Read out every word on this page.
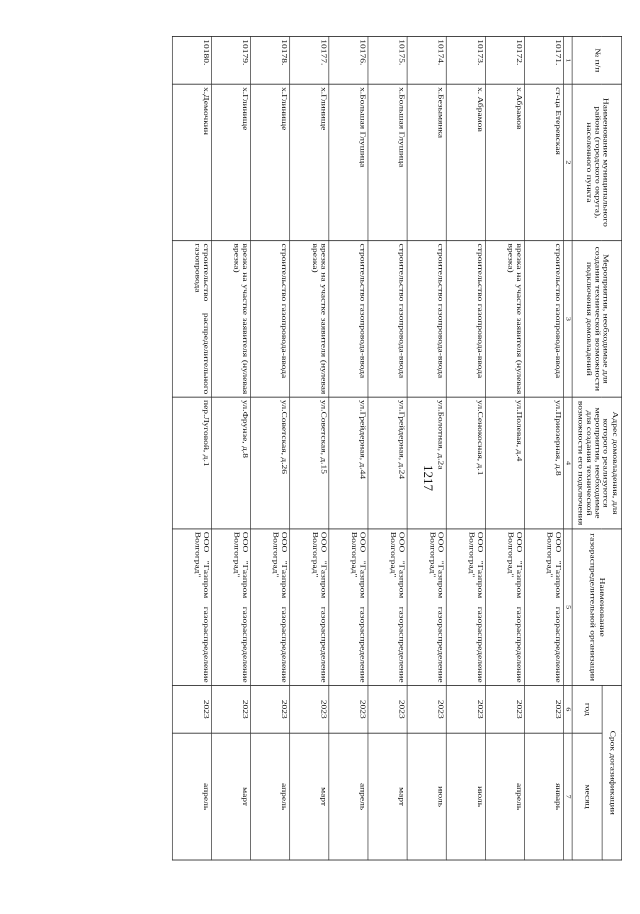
1217
№ п/п	Наименование муниципального района (городского округа), населенного пункта	Мероприятия, необходимые для создания технической возможности подключения домовладений	Адрес домовладения, для которого реализуются мероприятия, необходимые для создания технической возможности его подключения	Наименование газораспределительной организации	Срок догазификации	
					год	месяц
1	2	3	4	5	6	7
10171.	ст-ца Етеревская	строительство газопровода-ввода	ул.Приозерная, д.8	ООО "Газпром газораспределение Волгоград"	2023	январь
10172.	х.Абрамов	врезка на участке заявителя (нулевая врезка)	ул.Полевая, д.4	ООО "Газпром газораспределение Волгоград"	2023	апрель
10173.	х. Абрамов	строительство газопровода-ввода	ул.Сенокосная, д.1	ООО "Газпром газораспределение Волгоград"	2023	июль
10174.	х.Безымянка	строительство газопровода-ввода	ул.Болотная, д.2а	ООО "Газпром газораспределение Волгоград"	2023	июль
10175.	х.Большая Глушица	строительство газопровода-ввода	ул.Грейдерная, д.24	ООО "Газпром газораспределение Волгоград"	2023	март
10176.	х.Большая Глушица	строительство газопровода-ввода	ул.Грейдерная, д.44	ООО "Газпром газораспределение Волгоград"	2023	апрель
10177.	х.Глинище	врезка на участке заявителя (нулевая врезка)	ул.Советская, д.15	ООО "Газпром газораспределение Волгоград"	2023	март
10178.	х.Глинище	строительство газопровода-ввода	ул.Советская, д.26	ООО "Газпром газораспределение Волгоград"	2023	апрель
10179.	х.Глинище	врезка на участке заявителя (нулевая врезка)	ул.Фрунзе, д.8	ООО "Газпром газораспределение Волгоград"	2023	март
10180.	х.Демочкин	строительство распределительного газопровода	пер.Луговой, д.1	ООО "Газпром газораспределение Волгоград"	2023	апрель
